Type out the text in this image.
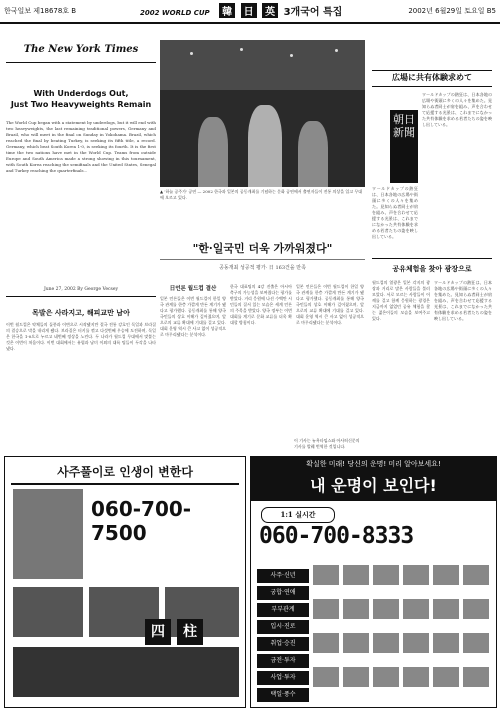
한국일보 제18678호 B	2002 WORLD CUP 韓 日 英 3개국어 특집	2002년 6월29일 토요일 B5
The New York Times
With Underdogs Out,
Just Two Heavyweights Remain
The World Cup began with a statement by underdogs, but it will end with two heavyweights, the last remaining traditional powers, Germany and Brazil, who will meet in the final on Sunday in Yokohama. Brazil, which reached the final by beating Turkey, is seeking its fifth title, a record. Germany, which beat South Korea 1-0, is seeking its fourth. It is the first time the two nations have met in the World Cup. Teams from outside Europe and South America made a strong showing in this tournament, with South Korea reaching the semifinals and the United States, Senegal and Turkey reaching the quarterfinals...
June 27, 2002 By George Vecsey
▲ '하늘 공주가' 공연 — 2002 한국과 일본의 공동개최를 기념하는 문화 공연에서 출연자들이 전통 의상을 입고 무대에 오르고 있다.
"한·일국민 더욱 가까워졌다"
공동개최 성공적 평가· 日 163건을 만족
목발은 사라지고, 해피교만 남아
이번 월드컵은 약체들의 돌풍과 이변으로 시작됐지만 결국 전통 강호인 독일과 브라질의 결승으로 막을 내리게 됐다. 브라질은 터키를 꺾고 다섯번째 우승에 도전하며, 독일은 한국을 1-0으로 누르고 네번째 정상을 노린다. 두 나라가 월드컵 무대에서 맞붙는 것은 이번이 처음이다. 이번 대회에서는 유럽과 남미 이외의 대륙 팀들이 두각을 나타냈다.
日언론 월드컵 결산
일본 언론들은 이번 월드컵이 한일 양국 관계를 한층 가깝게 만든 계기가 됐다고 평가했다. 공동개최를 통해 양국 국민들의 상호 이해가 깊어졌으며, 앞으로의 교류 확대에 기대를 걸고 있다. 대회 운영 역시 큰 사고 없이 성공적으로 마무리됐다는 분석이다.
한국 대표팀의 4강 진출은 아시아 축구의 가능성을 보여줬다는 평가를 받았다. 거리 응원에 나선 수백만 시민들의 질서 있는 모습은 세계 언론의 주목을 받았다. 양국 정부는 이번 대회를 계기로 문화 교류를 더욱 확대할 방침이다.
일본 언론들은 이번 월드컵이 한일 양국 관계를 한층 가깝게 만든 계기가 됐다고 평가했다. 공동개최를 통해 양국 국민들의 상호 이해가 깊어졌으며, 앞으로의 교류 확대에 기대를 걸고 있다. 대회 운영 역시 큰 사고 없이 성공적으로 마무리됐다는 분석이다.
広場に共有体験求めて
朝日新聞
ワールドカップの熱狂は、日本各地の広場や街頭に多くの人々を集めた。見知らぬ者同士が肩を組み、声を合わせて応援する光景は、これまでになかった共有体験を求める若者たちの姿を映し出している。
ワールドカップの熱狂は、日本各地の広場や街頭に多くの人々を集めた。見知らぬ者同士が肩を組み、声を合わせて応援する光景は、これまでになかった共有体験を求める若者たちの姿を映し出している。
공유체험을 찾아 광장으로
월드컵의 열광은 일본 각지의 광장과 거리로 많은 사람들을 불러모았다. 서로 모르는 사람들이 어깨를 걸고 함께 응원하는 광경은 지금까지 없었던 공유 체험을 찾는 젊은이들의 모습을 보여주고 있다.
ワールドカップの熱狂は、日本各地の広場や街頭に多くの人々を集めた。見知らぬ者同士が肩を組み、声を合わせて応援する光景は、これまでになかった共有体験を求める若者たちの姿を映し出している。
이 기사는 뉴욕타임스와 아사히신문의 기사를 발췌 번역한 것입니다.
사주풀이로 인생이 변한다
060-700-7500
四	柱
확실한 미래! 당신의 운명! 미리 알아보세요!
내 운명이 보인다!
1:1 실시간
060-700-8333
사주·신년
궁합·연애
부부관계
입시·진로
취업·승진
금전·투자
사업·투자
택일·풍수
